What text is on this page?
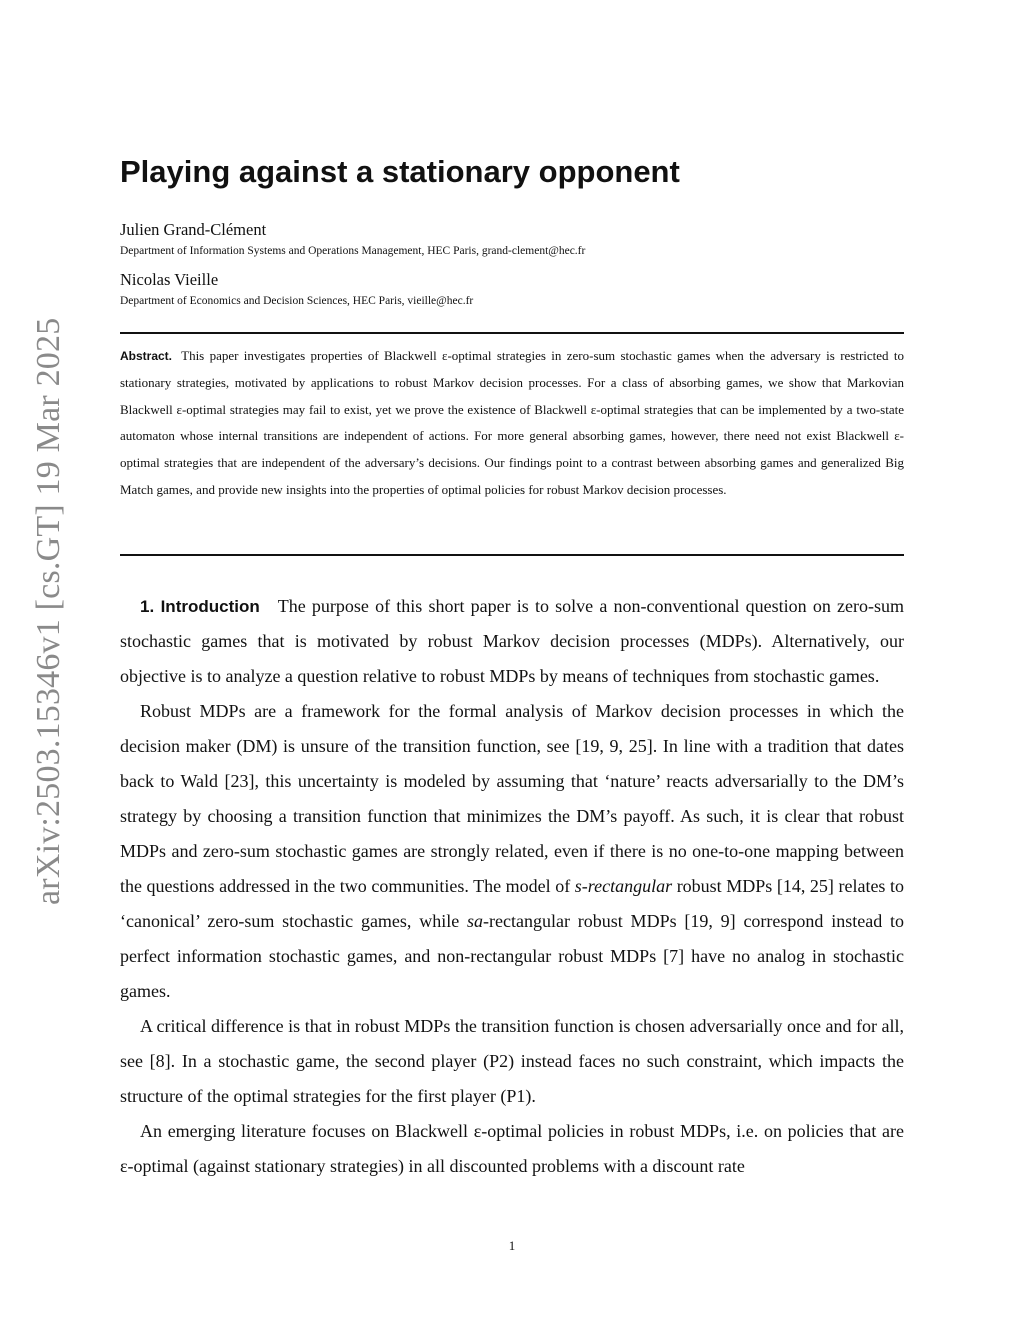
arXiv:2503.15346v1 [cs.GT] 19 Mar 2025
Playing against a stationary opponent
Julien Grand-Clément
Department of Information Systems and Operations Management, HEC Paris, grand-clement@hec.fr
Nicolas Vieille
Department of Economics and Decision Sciences, HEC Paris, vieille@hec.fr
Abstract. This paper investigates properties of Blackwell ε-optimal strategies in zero-sum stochastic games when the adversary is restricted to stationary strategies, motivated by applications to robust Markov decision processes. For a class of absorbing games, we show that Markovian Blackwell ε-optimal strategies may fail to exist, yet we prove the existence of Blackwell ε-optimal strategies that can be implemented by a two-state automaton whose internal transitions are independent of actions. For more general absorbing games, however, there need not exist Blackwell ε-optimal strategies that are independent of the adversary’s decisions. Our findings point to a contrast between absorbing games and generalized Big Match games, and provide new insights into the properties of optimal policies for robust Markov decision processes.

1. Introduction The purpose of this short paper is to solve a non-conventional question on zero-sum stochastic games that is motivated by robust Markov decision processes (MDPs). Alternatively, our objective is to analyze a question relative to robust MDPs by means of techniques from stochastic games.

Robust MDPs are a framework for the formal analysis of Markov decision processes in which the decision maker (DM) is unsure of the transition function, see [19, 9, 25]. In line with a tradition that dates back to Wald [23], this uncertainty is modeled by assuming that ‘nature’ reacts adversarially to the DM’s strategy by choosing a transition function that minimizes the DM’s payoff. As such, it is clear that robust MDPs and zero-sum stochastic games are strongly related, even if there is no one-to-one mapping between the questions addressed in the two communities. The model of s-rectangular robust MDPs [14, 25] relates to ‘canonical’ zero-sum stochastic games, while sa-rectangular robust MDPs [19, 9] correspond instead to perfect information stochastic games, and non-rectangular robust MDPs [7] have no analog in stochastic games.

A critical difference is that in robust MDPs the transition function is chosen adversarially once and for all, see [8]. In a stochastic game, the second player (P2) instead faces no such constraint, which impacts the structure of the optimal strategies for the first player (P1).

An emerging literature focuses on Blackwell ε-optimal policies in robust MDPs, i.e. on policies that are ε-optimal (against stationary strategies) in all discounted problems with a discount rate

1
